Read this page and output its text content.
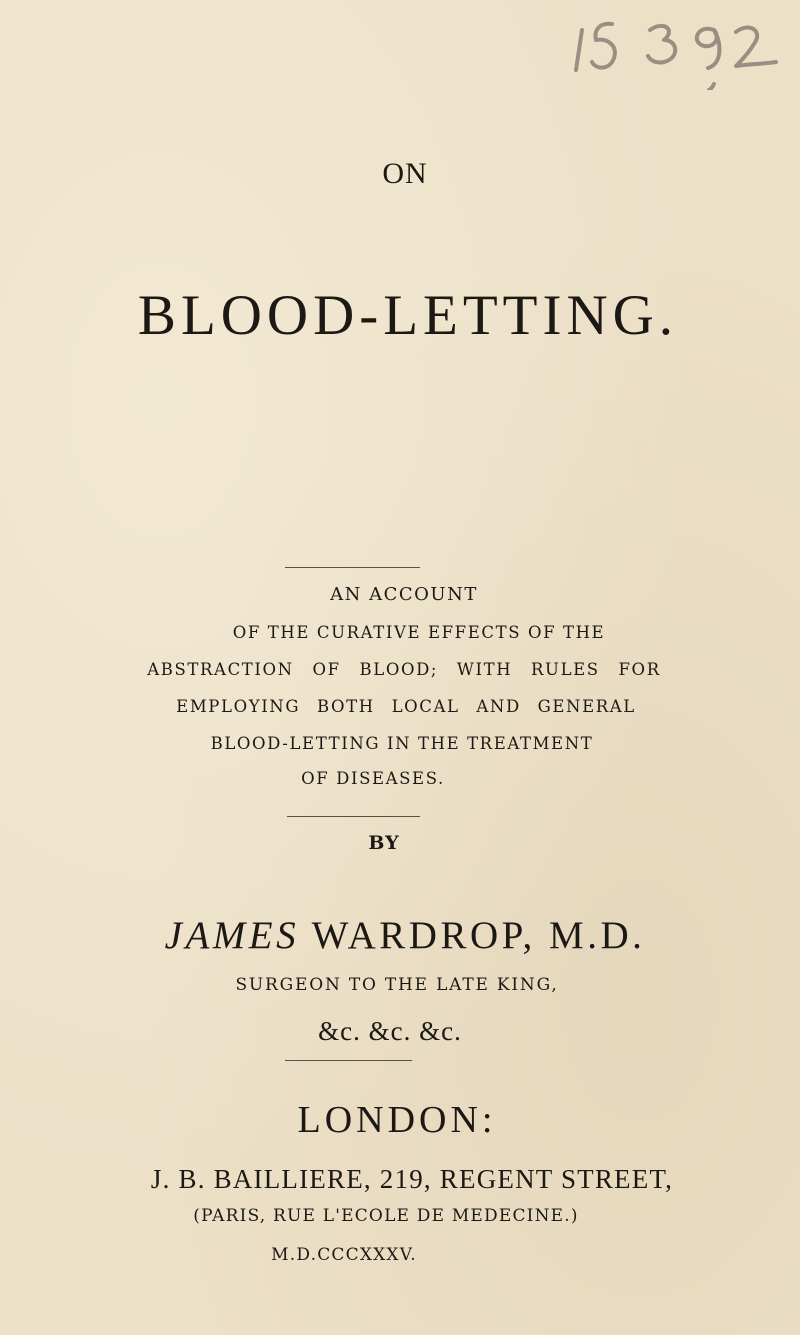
ON
BLOOD-LETTING.
AN ACCOUNT
OF THE CURATIVE EFFECTS OF THE
ABSTRACTION OF BLOOD; WITH RULES FOR
EMPLOYING BOTH LOCAL AND GENERAL
BLOOD-LETTING IN THE TREATMENT
OF DISEASES.
BY
JAMES WARDROP, M.D.
SURGEON TO THE LATE KING,
&c. &c. &c.
LONDON:
J. B. BAILLIERE, 219, REGENT STREET,
(PARIS, RUE L'ECOLE DE MEDECINE.)
M.D.CCCXXXV.
